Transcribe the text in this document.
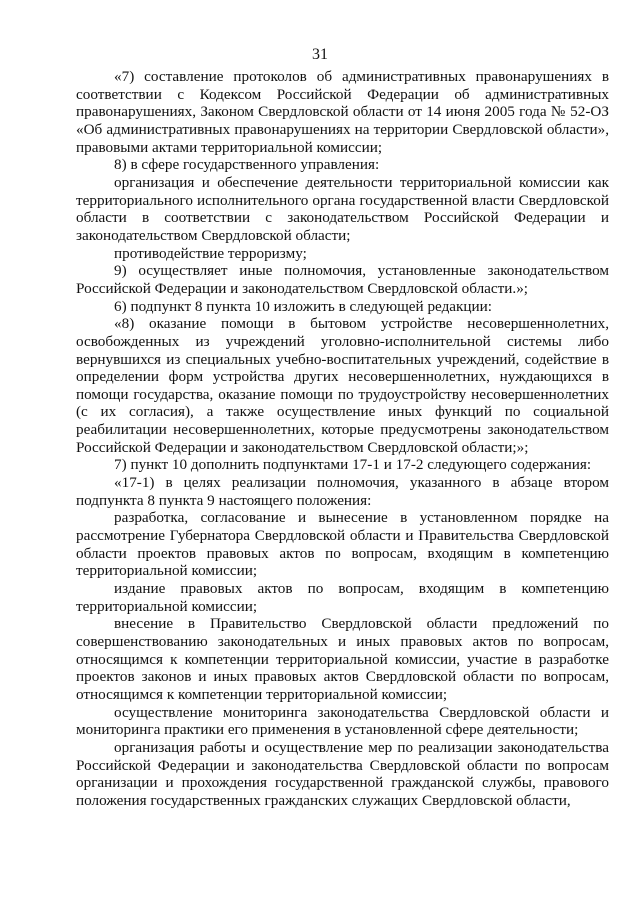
31

«7) составление протоколов об административных правонарушениях в соответствии с Кодексом Российской Федерации об административных правонарушениях, Законом Свердловской области от 14 июня 2005 года № 52-ОЗ «Об административных правонарушениях на территории Свердловской области», правовыми актами территориальной комиссии;

8) в сфере государственного управления:

организация и обеспечение деятельности территориальной комиссии как территориального исполнительного органа государственной власти Свердловской области в соответствии с законодательством Российской Федерации и законодательством Свердловской области;

противодействие терроризму;

9) осуществляет иные полномочия, установленные законодательством Российской Федерации и законодательством Свердловской области.»;

6) подпункт 8 пункта 10 изложить в следующей редакции:

«8) оказание помощи в бытовом устройстве несовершеннолетних, освобожденных из учреждений уголовно-исполнительной системы либо вернувшихся из специальных учебно-воспитательных учреждений, содействие в определении форм устройства других несовершеннолетних, нуждающихся в помощи государства, оказание помощи по трудоустройству несовершеннолетних (с их согласия), а также осуществление иных функций по социальной реабилитации несовершеннолетних, которые предусмотрены законодательством Российской Федерации и законодательством Свердловской области;»;

7) пункт 10 дополнить подпунктами 17-1 и 17-2 следующего содержания:

«17-1) в целях реализации полномочия, указанного в абзаце втором подпункта 8 пункта 9 настоящего положения:

разработка, согласование и вынесение в установленном порядке на рассмотрение Губернатора Свердловской области и Правительства Свердловской области проектов правовых актов по вопросам, входящим в компетенцию территориальной комиссии;

издание правовых актов по вопросам, входящим в компетенцию территориальной комиссии;

внесение в Правительство Свердловской области предложений по совершенствованию законодательных и иных правовых актов по вопросам, относящимся к компетенции территориальной комиссии, участие в разработке проектов законов и иных правовых актов Свердловской области по вопросам, относящимся к компетенции территориальной комиссии;

осуществление мониторинга законодательства Свердловской области и мониторинга практики его применения в установленной сфере деятельности;

организация работы и осуществление мер по реализации законодательства Российской Федерации и законодательства Свердловской области по вопросам организации и прохождения государственной гражданской службы, правового положения государственных гражданских служащих Свердловской области,
